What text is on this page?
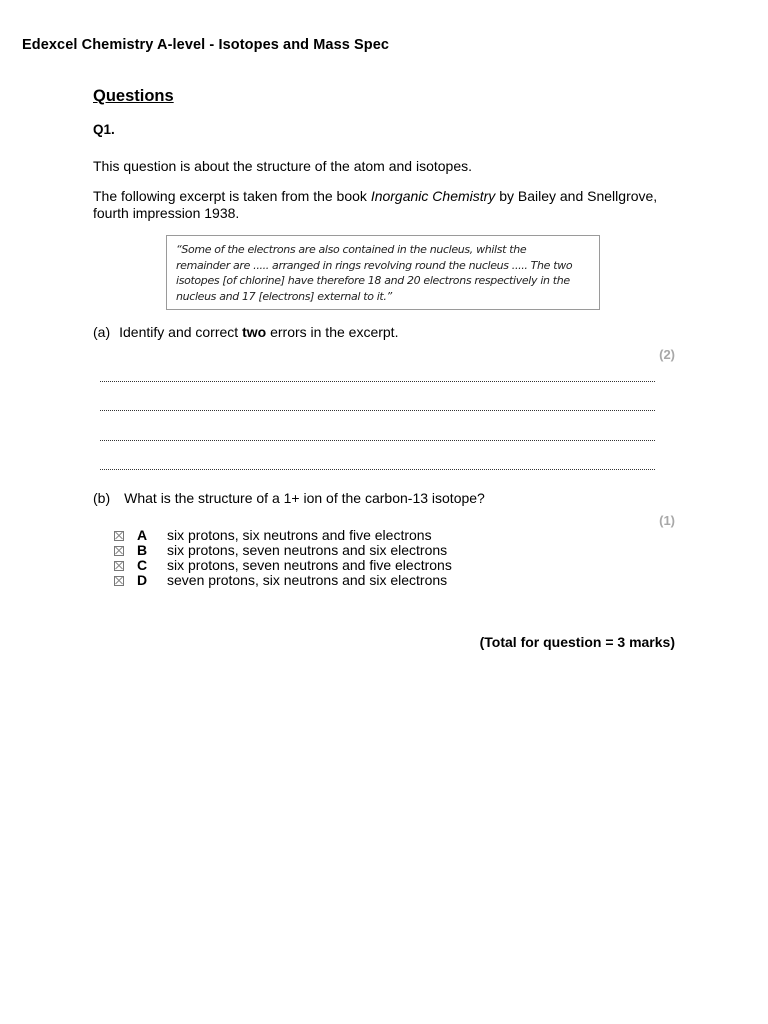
Edexcel Chemistry A-level - Isotopes and Mass Spec
Questions
Q1.
This question is about the structure of the atom and isotopes.
The following excerpt is taken from the book Inorganic Chemistry by Bailey and Snellgrove,
fourth impression 1938.
“Some of the electrons are also contained in the nucleus, whilst the
remainder are ..... arranged in rings revolving round the nucleus ..... The two
isotopes [of chlorine] have therefore 18 and 20 electrons respectively in the
nucleus and 17 [electrons] external to it.”
(a) Identify and correct two errors in the excerpt.
(2)
(b) What is the structure of a 1+ ion of the carbon-13 isotope?
(1)
A	six protons, six neutrons and five electrons
B	six protons, seven neutrons and six electrons
C	six protons, seven neutrons and five electrons
D	seven protons, six neutrons and six electrons
(Total for question = 3 marks)
